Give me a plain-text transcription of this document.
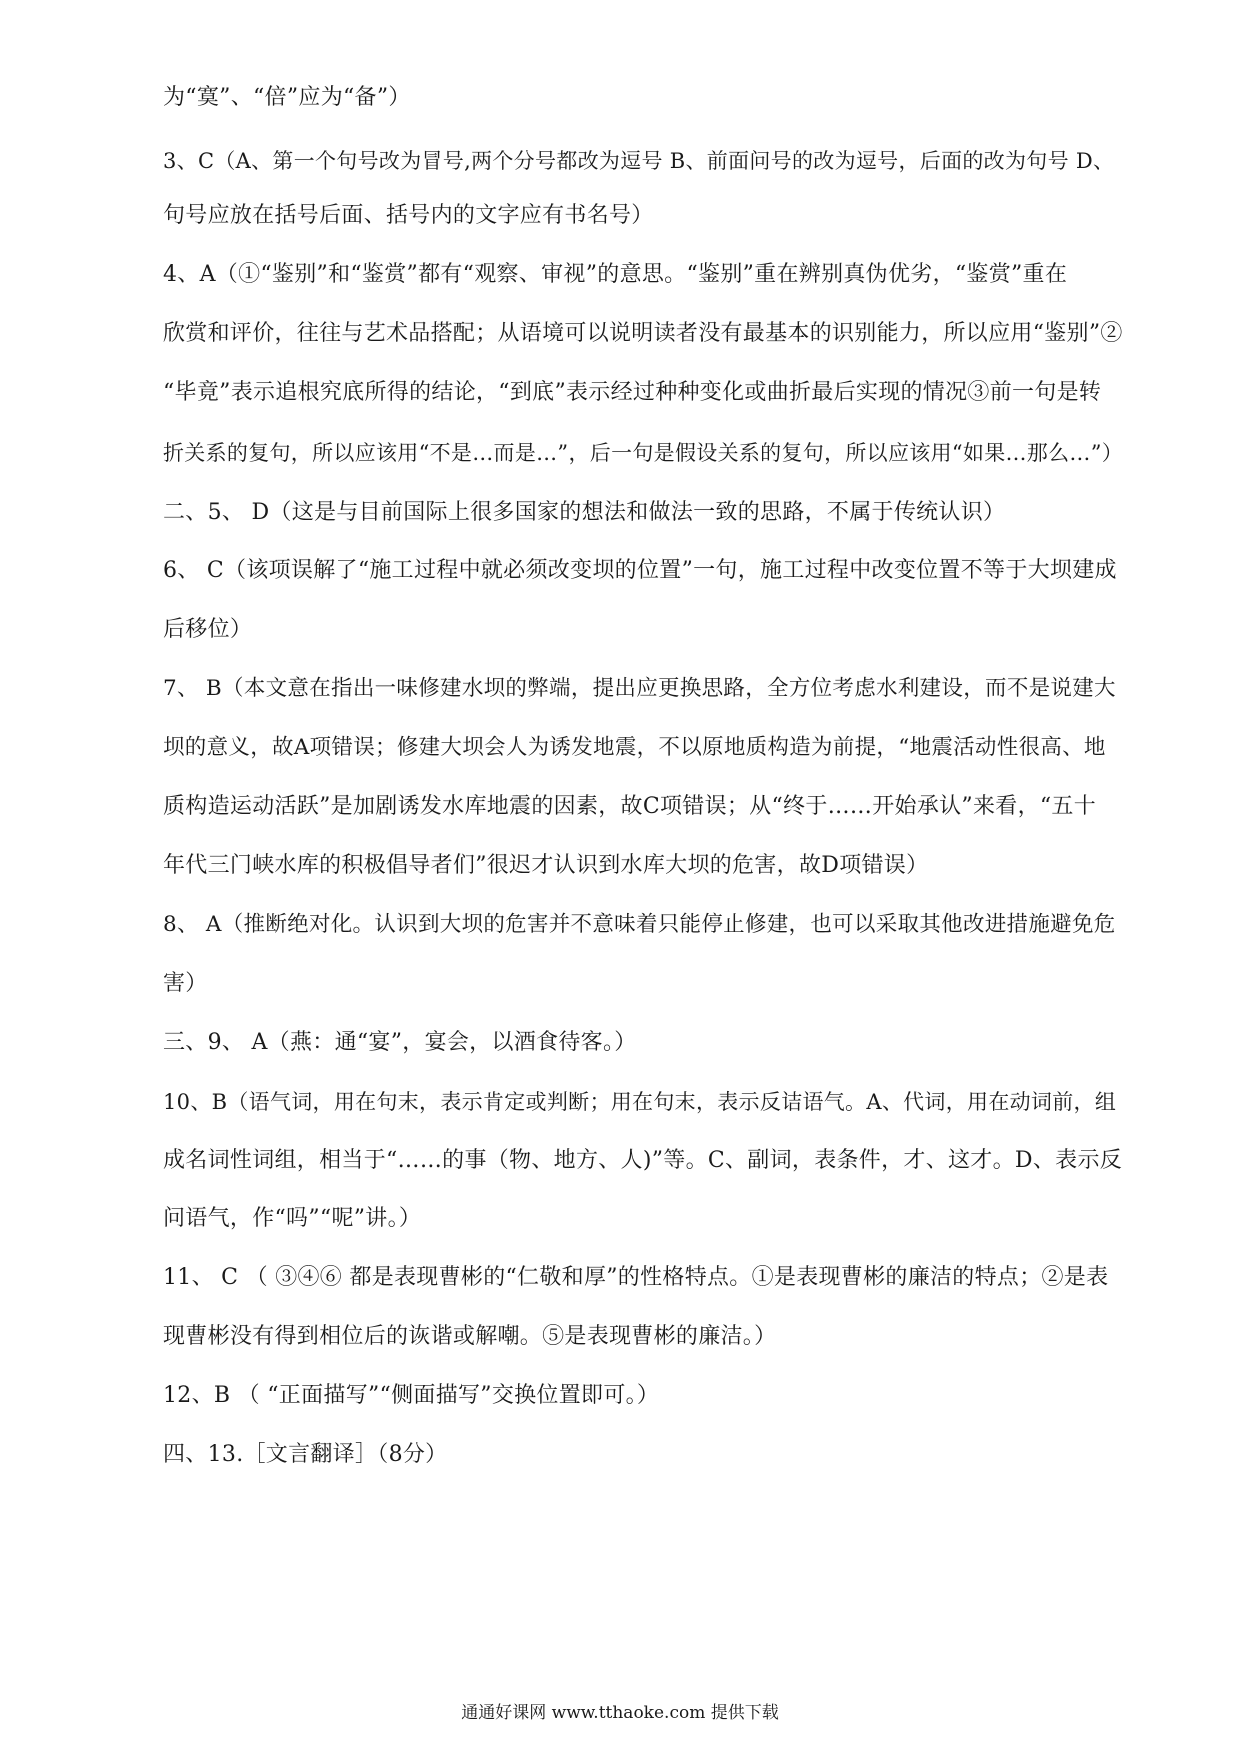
为“寞”、“倍”应为“备”）
3、C（A、第一个句号改为冒号,两个分号都改为逗号 B、前面问号的改为逗号，后面的改为句号 D、
句号应放在括号后面、括号内的文字应有书名号）
4、A（①“鉴别”和“鉴赏”都有“观察、审视”的意思。“鉴别”重在辨别真伪优劣，“鉴赏”重在
欣赏和评价，往往与艺术品搭配；从语境可以说明读者没有最基本的识别能力，所以应用“鉴别”②
“毕竟”表示追根究底所得的结论，“到底”表示经过种种变化或曲折最后实现的情况③前一句是转
折关系的复句，所以应该用“不是…而是…”，后一句是假设关系的复句，所以应该用“如果…那么…”）
二、5、 D（这是与目前国际上很多国家的想法和做法一致的思路，不属于传统认识）
6、 C（该项误解了“施工过程中就必须改变坝的位置”一句，施工过程中改变位置不等于大坝建成
后移位）
7、 B（本文意在指出一味修建水坝的弊端，提出应更换思路，全方位考虑水利建设，而不是说建大
坝的意义，故A项错误；修建大坝会人为诱发地震，不以原地质构造为前提，“地震活动性很高、地
质构造运动活跃”是加剧诱发水库地震的因素，故C项错误；从“终于……开始承认”来看，“五十
年代三门峡水库的积极倡导者们”很迟才认识到水库大坝的危害，故D项错误）
8、 A（推断绝对化。认识到大坝的危害并不意味着只能停止修建，也可以采取其他改进措施避免危
害）
三、9、 A（燕：通“宴”，宴会，以酒食待客。）
10、B（语气词，用在句末，表示肯定或判断；用在句末，表示反诘语气。A、代词，用在动词前，组
成名词性词组，相当于“……的事（物、地方、人)”等。C、副词，表条件，才、这才。D、表示反
问语气，作“吗”“呢”讲。）
11、 C （ ③④⑥ 都是表现曹彬的“仁敬和厚”的性格特点。①是表现曹彬的廉洁的特点；②是表
现曹彬没有得到相位后的诙谐或解嘲。⑤是表现曹彬的廉洁。）
12、B （ “正面描写”“侧面描写”交换位置即可。）
四、13.［文言翻译］（8分）
通通好课网 www.tthaoke.com 提供下载
